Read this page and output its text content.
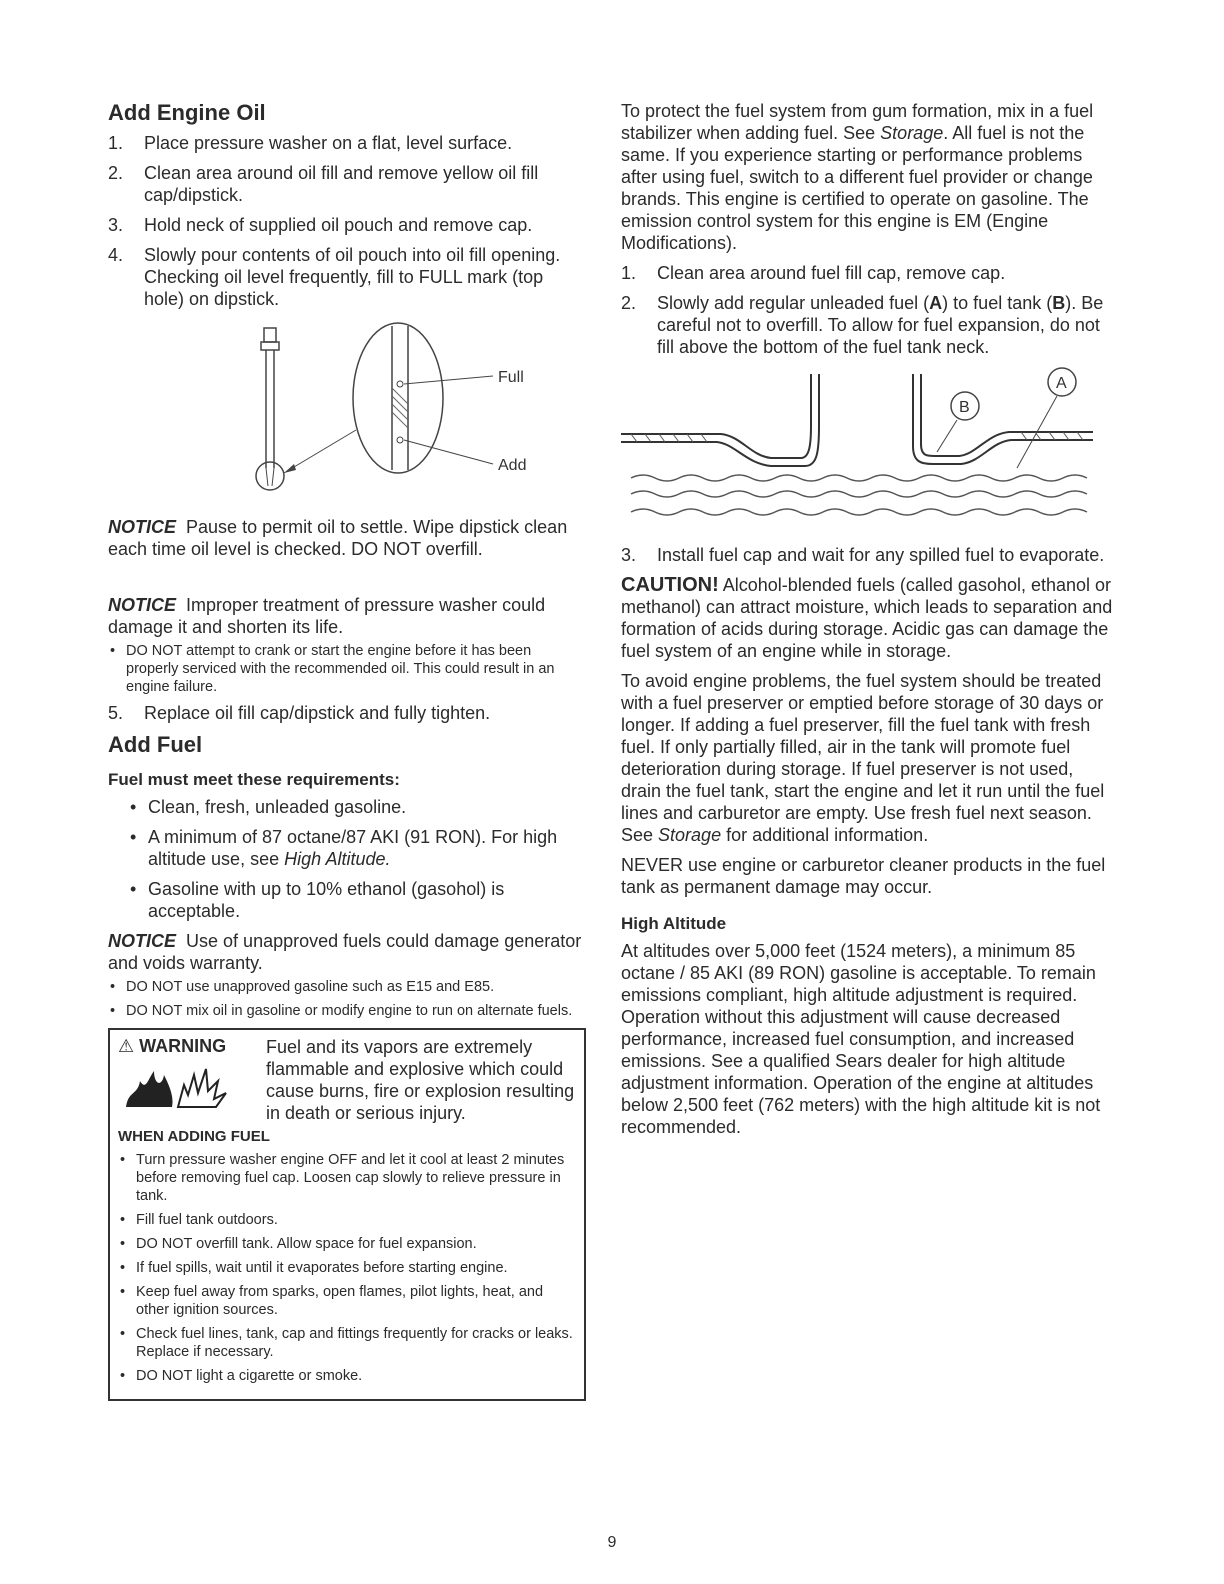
Add Engine Oil
1. Place pressure washer on a flat, level surface.
2. Clean area around oil fill and remove yellow oil fill cap/dipstick.
3. Hold neck of supplied oil pouch and remove cap.
4. Slowly pour contents of oil pouch into oil fill opening. Checking oil level frequently, fill to FULL mark (top hole) on dipstick.
Full
Add

NOTICE Pause to permit oil to settle. Wipe dipstick clean each time oil level is checked. DO NOT overfill.

NOTICE Improper treatment of pressure washer could damage it and shorten its life.

• DO NOT attempt to crank or start the engine before it has been properly serviced with the recommended oil. This could result in an engine failure.
5. Replace oil fill cap/dipstick and fully tighten.
Add Fuel
Fuel must meet these requirements:
• Clean, fresh, unleaded gasoline.
• A minimum of 87 octane/87 AKI (91 RON). For high altitude use, see High Altitude.
• Gasoline with up to 10% ethanol (gasohol) is acceptable.

NOTICE Use of unapproved fuels could damage generator and voids warranty.

• DO NOT use unapproved gasoline such as E15 and E85.
• DO NOT mix oil in gasoline or modify engine to run on alternate fuels.
⚠ WARNING	Fuel and its vapors are extremely flammable and explosive which could cause burns, fire or explosion resulting in death or serious injury.
WHEN ADDING FUEL
• Turn pressure washer engine OFF and let it cool at least 2 minutes before removing fuel cap. Loosen cap slowly to relieve pressure in tank.
• Fill fuel tank outdoors.
• DO NOT overfill tank. Allow space for fuel expansion.
• If fuel spills, wait until it evaporates before starting engine.
• Keep fuel away from sparks, open flames, pilot lights, heat, and other ignition sources.
• Check fuel lines, tank, cap and fittings frequently for cracks or leaks. Replace if necessary.
• DO NOT light a cigarette or smoke.

To protect the fuel system from gum formation, mix in a fuel stabilizer when adding fuel. See Storage. All fuel is not the same. If you experience starting or performance problems after using fuel, switch to a different fuel provider or change brands. This engine is certified to operate on gasoline. The emission control system for this engine is EM (Engine Modifications).

1. Clean area around fuel fill cap, remove cap.
2. Slowly add regular unleaded fuel (A) to fuel tank (B). Be careful not to overfill. To allow for fuel expansion, do not fill above the bottom of the fuel tank neck.
B
A
3. Install fuel cap and wait for any spilled fuel to evaporate.

CAUTION! Alcohol-blended fuels (called gasohol, ethanol or methanol) can attract moisture, which leads to separation and formation of acids during storage. Acidic gas can damage the fuel system of an engine while in storage.

To avoid engine problems, the fuel system should be treated with a fuel preserver or emptied before storage of 30 days or longer. If adding a fuel preserver, fill the fuel tank with fresh fuel. If only partially filled, air in the tank will promote fuel deterioration during storage. If fuel preserver is not used, drain the fuel tank, start the engine and let it run until the fuel lines and carburetor are empty. Use fresh fuel next season. See Storage for additional information.

NEVER use engine or carburetor cleaner products in the fuel tank as permanent damage may occur.

High Altitude

At altitudes over 5,000 feet (1524 meters), a minimum 85 octane / 85 AKI (89 RON) gasoline is acceptable. To remain emissions compliant, high altitude adjustment is required. Operation without this adjustment will cause decreased performance, increased fuel consumption, and increased emissions. See a qualified Sears dealer for high altitude adjustment information. Operation of the engine at altitudes below 2,500 feet (762 meters) with the high altitude kit is not recommended.

9
